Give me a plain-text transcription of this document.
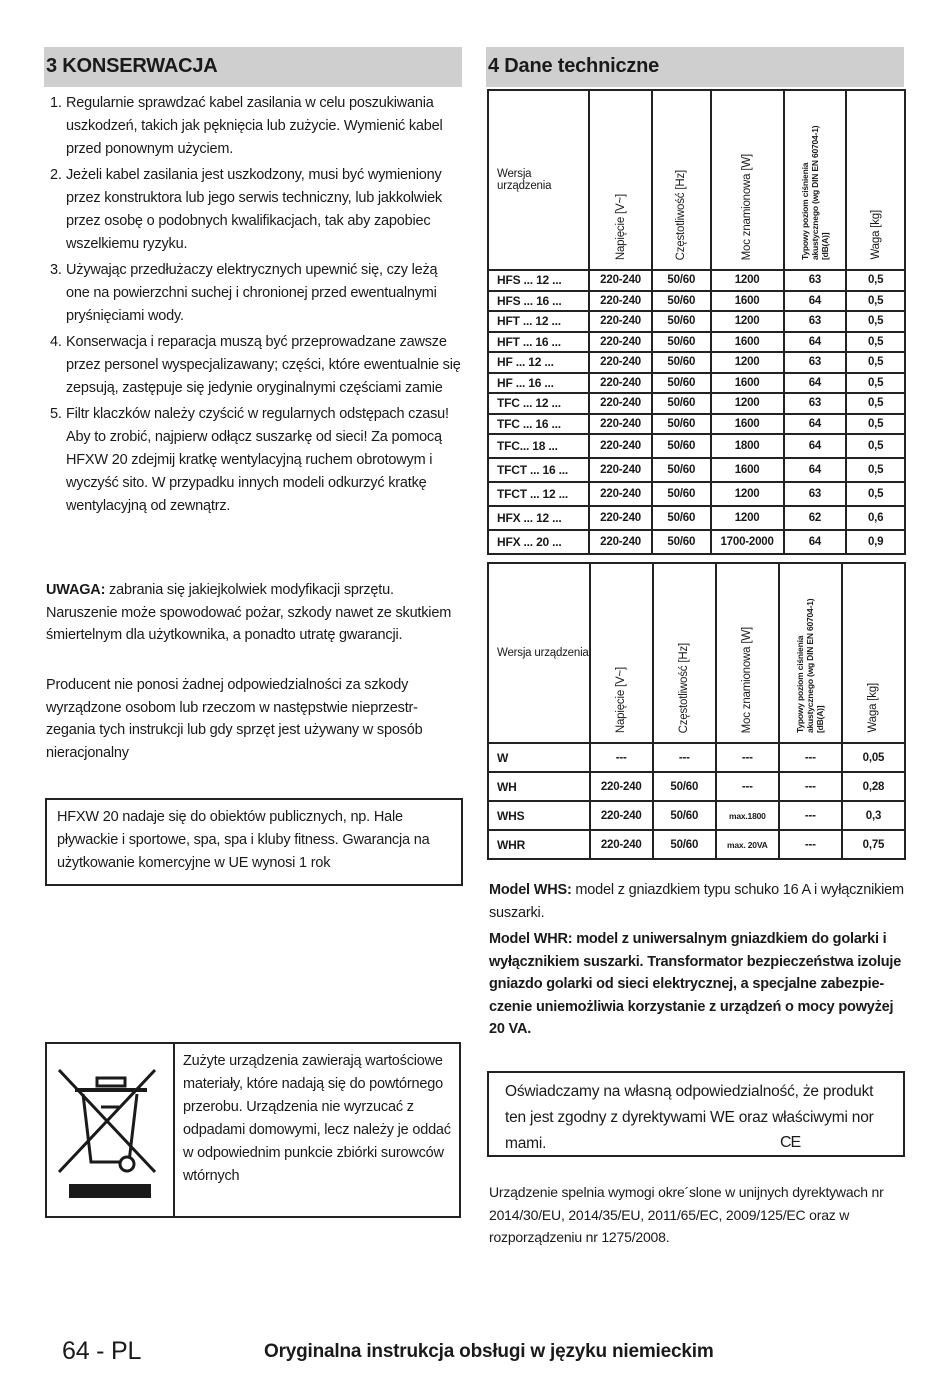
3 KONSERWACJA
1. Regularnie sprawdzać kabel zasilania w celu poszukiwania uszkodzeń, takich jak pęknięcia lub zużycie. Wymienić kabel przed ponownym użyciem.
2. Jeżeli kabel zasilania jest uszkodzony, musi być wymieniony przez konstruktora lub jego serwis techniczny, lub jakkolwiek przez osobę o podobnych kwalifikacjach, tak aby zapobiec wszelkiemu ryzyku.
3. Używając przedłużaczy elektrycznych upewnić się, czy leżą one na powierzchni suchej i chronionej przed ewentualnymi pryśnięciami wody.
4. Konserwacja i reparacja muszą być przeprowadzane zawsze przez personel wyspecjalizawany; części, które ewentualnie się zepsują, zastępuje się jedynie oryginalnymi częściami zamie
5. Filtr klaczków należy czyścić w regularnych odstępach czasu! Aby to zrobić, najpierw odłącz suszarkę od sieci! Za pomocą HFXW 20 zdejmij kratkę wentylacyjną ruchem obrotowym i wyczyść sito. W przypadku innych modeli odkurzyć kratkę wentylacyjną od zewnątrz.

UWAGA: zabrania się jakiejkolwiek modyfikacji sprzętu. Naruszenie może spowodować pożar, szkody nawet ze skutkiem śmiertelnym dla użytkownika, a ponadto utratę gwarancji.

Producent nie ponosi żadnej odpowiedzialności za szkody wyrządzone osobom lub rzeczom w następstwie nieprzestr-zegania tych instrukcji lub gdy sprzęt jest używany w sposób nieracjonalny

HFXW 20 nadaje się do obiektów publicznych, np. Hale pływackie i sportowe, spa, spa i kluby fitness. Gwarancja na użytkowanie komercyjne w UE wynosi 1 rok
Zużyte urządzenia zawierają wartościowe materiały, które nadają się do powtórnego przerobu. Urządzenia nie wyrzucać z odpadami domowymi, lecz należy je oddać w odpowiednim punkcie zbiórki surowców wtórnych
4 Dane techniczne
Wersja urządzenia	Napięcie [V~]	Częstotliwość [Hz]	Moc znamionowa [W]	Typowy poziom ciśnienia akustycznego (wg DIN EN 60704-1) [dB(A)]	Waga [kg]
HFS ... 12 ...	220-240	50/60	1200	63	0,5
HFS ... 16 ...	220-240	50/60	1600	64	0,5
HFT ... 12 ...	220-240	50/60	1200	63	0,5
HFT ... 16 ...	220-240	50/60	1600	64	0,5
HF ... 12 ...	220-240	50/60	1200	63	0,5
HF ... 16 ...	220-240	50/60	1600	64	0,5
TFC ... 12 ...	220-240	50/60	1200	63	0,5
TFC ... 16 ...	220-240	50/60	1600	64	0,5
TFC... 18 ...	220-240	50/60	1800	64	0,5
TFCT ... 16 ...	220-240	50/60	1600	64	0,5
TFCT ... 12 ...	220-240	50/60	1200	63	0,5
HFX ... 12 ...	220-240	50/60	1200	62	0,6
HFX ... 20 ...	220-240	50/60	1700-2000	64	0,9
Wersja urządzenia	Napięcie [V~]	Częstotliwość [Hz]	Moc znamionowa [W]	Typowy poziom ciśnienia akustycznego (wg DIN EN 60704-1) [dB(A)]	Waga [kg]
W	---	---	---	---	0,05
WH	220-240	50/60	---	---	0,28
WHS	220-240	50/60	max.1800	---	0,3
WHR	220-240	50/60	max. 20VA	---	0,75

Model WHS: model z gniazdkiem typu schuko 16 A i wyłącznikiem suszarki.

Model WHR: model z uniwersalnym gniazdkiem do golarki i wyłącznikiem suszarki. Transformator bezpieczeństwa izoluje gniazdo golarki od sieci elektrycznej, a specjalne zabezpie-czenie uniemożliwia korzystanie z urządzeń o mocy powyżej 20 VA.

Oświadczamy na własną odpowiedzialność, że produkt ten jest zgodny z dyrektywami WE oraz właściwymi nor mami.	CE

Urządzenie spelnia wymogi okre´slone w unijnych dyrektywach nr 2014/30/EU, 2014/35/EU, 2011/65/EC, 2009/125/EC oraz w rozporządzeniu nr 1275/2008.

64 - PL	Oryginalna instrukcja obsługi w języku niemieckim
